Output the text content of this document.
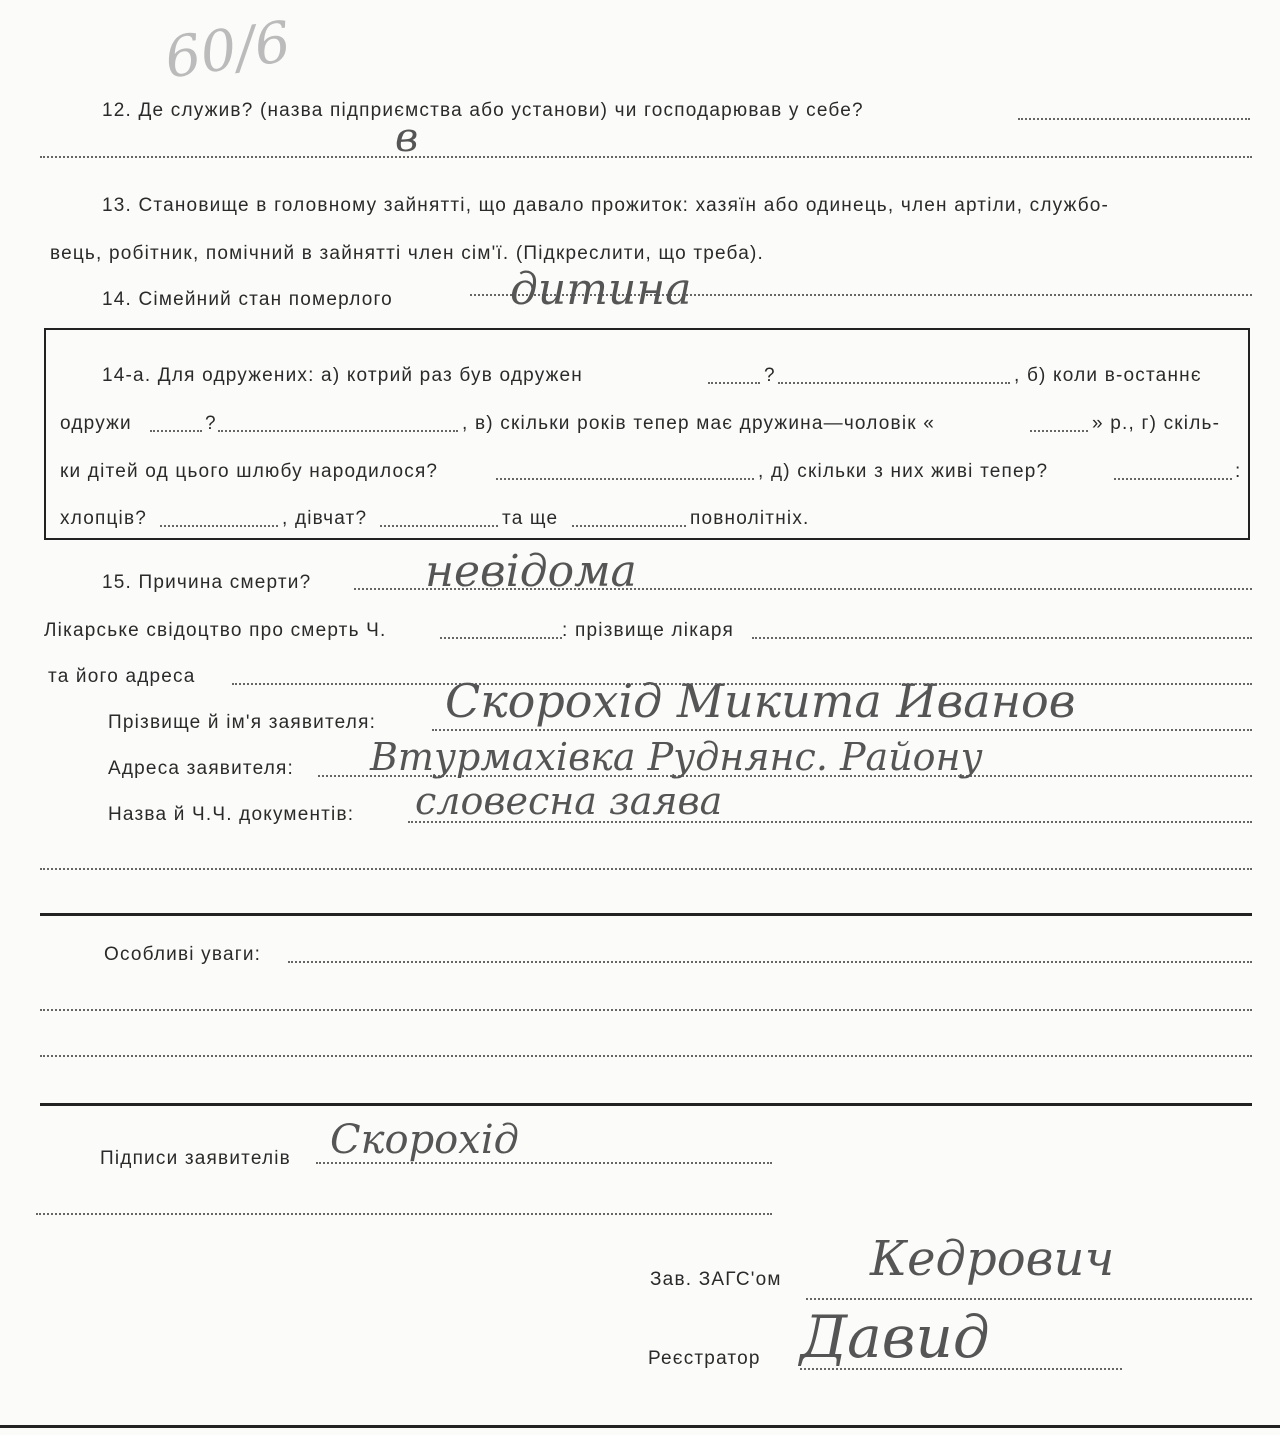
60/6
12. Де служив? (назва підприємства або установи) чи господарював у себе?
в
13. Становище в головному зайнятті, що давало прожиток: хазяїн або одинець, член артіли, службо-
вець, робітник, помічний в зайнятті член сім'ї. (Підкреслити, що треба).
14. Сімейний стан померлого	дитина
14-а. Для одружених: а) котрий раз був одружен	?	, б) коли в-останнє
одружи	?	, в) скільки років тепер має дружина—чоловік «	» р., г) скіль-
ки дітей од цього шлюбу народилося?	, д) скільки з них живі тепер?	:
хлопців?	, дівчат?	та ще	повнолітніх.
15. Причина смерти?	невідома
Лікарське свідоцтво про смерть Ч.	: прізвище лікаря
та його адреса
Прізвище й ім'я заявителя: Скорохід Микита Иванов
Адреса заявителя: Втурмахівка Руднянс. Району
Назва й Ч.Ч. документів: словесна заява
Особливі уваги:
Підписи заявителів Скорохід
Зав. ЗАГС'ом Кедрович
Реєстратор Давид
